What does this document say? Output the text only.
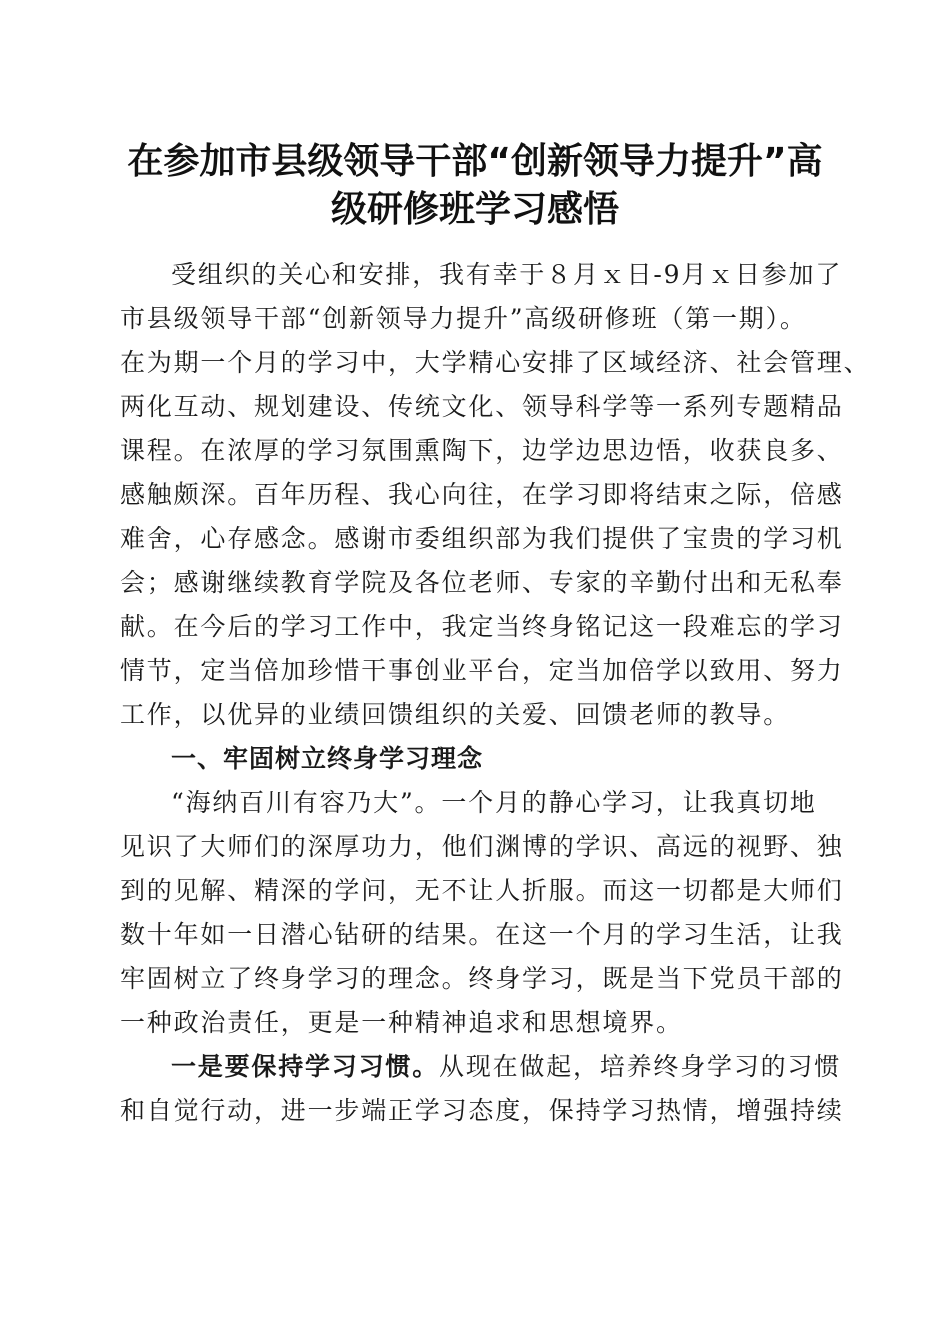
在参加市县级领导干部“创新领导力提升”高
级研修班学习感悟

受组织的关心和安排，我有幸于８月ｘ日-9月ｘ日参加了

市县级领导干部“创新领导力提升”高级研修班（第一期）。

在为期一个月的学习中，大学精心安排了区域经济、社会管理、

两化互动、规划建设、传统文化、领导科学等一系列专题精品

课程。在浓厚的学习氛围熏陶下，边学边思边悟，收获良多、

感触颇深。百年历程、我心向往，在学习即将结束之际，倍感

难舍，心存感念。感谢市委组织部为我们提供了宝贵的学习机

会；感谢继续教育学院及各位老师、专家的辛勤付出和无私奉

献。在今后的学习工作中，我定当终身铭记这一段难忘的学习

情节，定当倍加珍惜干事创业平台，定当加倍学以致用、努力

工作，以优异的业绩回馈组织的关爱、回馈老师的教导。

一、牢固树立终身学习理念

“海纳百川有容乃大”。一个月的静心学习，让我真切地

见识了大师们的深厚功力，他们渊博的学识、高远的视野、独

到的见解、精深的学问，无不让人折服。而这一切都是大师们

数十年如一日潜心钻研的结果。在这一个月的学习生活，让我

牢固树立了终身学习的理念。终身学习，既是当下党员干部的

一种政治责任，更是一种精神追求和思想境界。

一是要保持学习习惯。从现在做起，培养终身学习的习惯

和自觉行动，进一步端正学习态度，保持学习热情，增强持续
